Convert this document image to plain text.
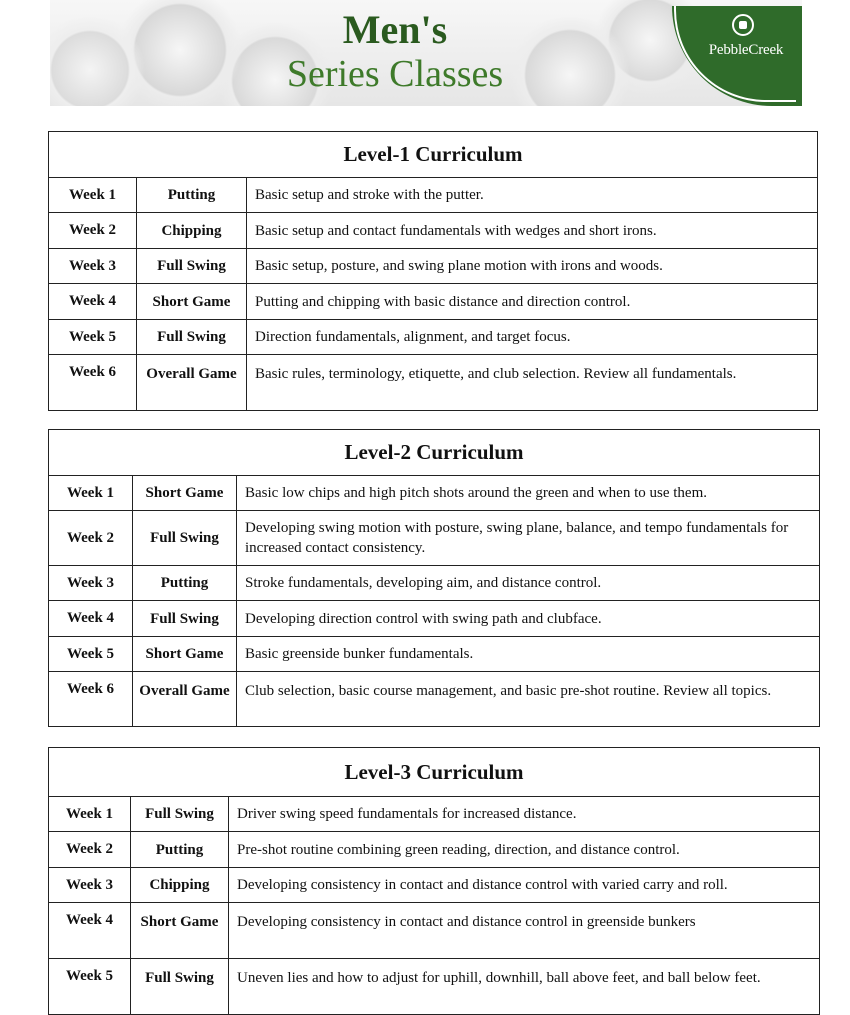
Men's
Series Classes
PebbleCreek
Level-1 Curriculum		
Week 1	Putting	Basic setup and stroke with the putter.
Week 2	Chipping	Basic setup and contact fundamentals with wedges and short irons.
Week 3	Full Swing	Basic setup, posture, and swing plane motion with irons and woods.
Week 4	Short Game	Putting and chipping with basic distance and direction control.
Week 5	Full Swing	Direction fundamentals, alignment, and target focus.
Week 6	Overall Game	Basic rules, terminology, etiquette, and club selection. Review all fundamentals.
Level-2 Curriculum		
Week 1	Short Game	Basic low chips and high pitch shots around the green and when to use them.
Week 2	Full Swing	Developing swing motion with posture, swing plane, balance, and tempo fundamentals for increased contact consistency.
Week 3	Putting	Stroke fundamentals, developing aim, and distance control.
Week 4	Full Swing	Developing direction control with swing path and clubface.
Week 5	Short Game	Basic greenside bunker fundamentals.
Week 6	Overall Game	Club selection, basic course management, and basic pre-shot routine. Review all topics.
Level-3 Curriculum		
Week 1	Full Swing	Driver swing speed fundamentals for increased distance.
Week 2	Putting	Pre-shot routine combining green reading, direction, and distance control.
Week 3	Chipping	Developing consistency in contact and distance control with varied carry and roll.
Week 4	Short Game	Developing consistency in contact and distance control in greenside bunkers
Week 5	Full Swing	Uneven lies and how to adjust for uphill, downhill, ball above feet, and ball below feet.
